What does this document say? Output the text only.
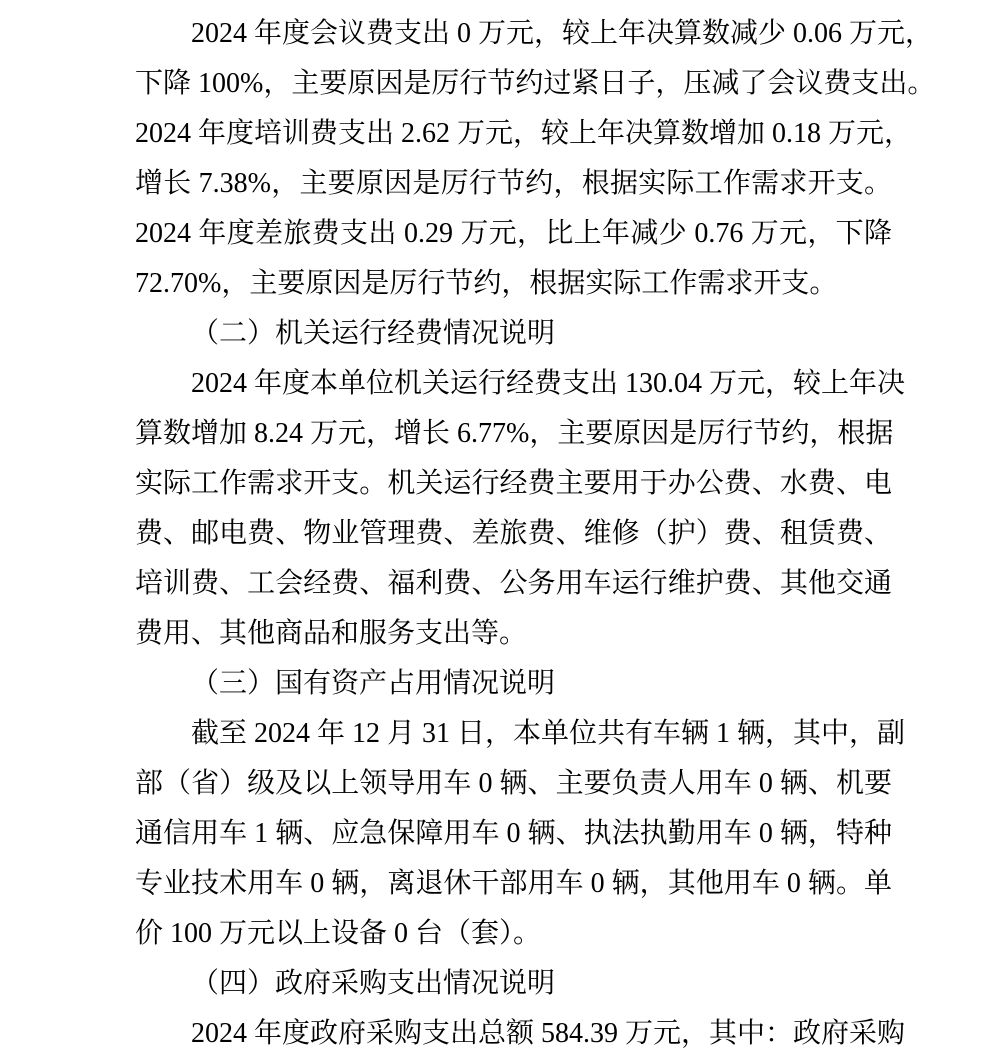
2024 年度会议费支出 0 万元，较上年决算数减少 0.06 万元，
下降 100%，主要原因是厉行节约过紧日子，压减了会议费支出。
2024 年度培训费支出 2.62 万元，较上年决算数增加 0.18 万元，
增长 7.38%，主要原因是厉行节约，根据实际工作需求开支。
2024 年度差旅费支出 0.29 万元，比上年减少 0.76 万元，下降
72.70%，主要原因是厉行节约，根据实际工作需求开支。
（二）机关运行经费情况说明
2024 年度本单位机关运行经费支出 130.04 万元，较上年决
算数增加 8.24 万元，增长 6.77%，主要原因是厉行节约，根据
实际工作需求开支。机关运行经费主要用于办公费、水费、电
费、邮电费、物业管理费、差旅费、维修（护）费、租赁费、
培训费、工会经费、福利费、公务用车运行维护费、其他交通
费用、其他商品和服务支出等。
（三）国有资产占用情况说明
截至 2024 年 12 月 31 日，本单位共有车辆 1 辆，其中，副
部（省）级及以上领导用车 0 辆、主要负责人用车 0 辆、机要
通信用车 1 辆、应急保障用车 0 辆、执法执勤用车 0 辆，特种
专业技术用车 0 辆，离退休干部用车 0 辆，其他用车 0 辆。单
价 100 万元以上设备 0 台（套）。
（四）政府采购支出情况说明
2024 年度政府采购支出总额 584.39 万元，其中：政府采购
